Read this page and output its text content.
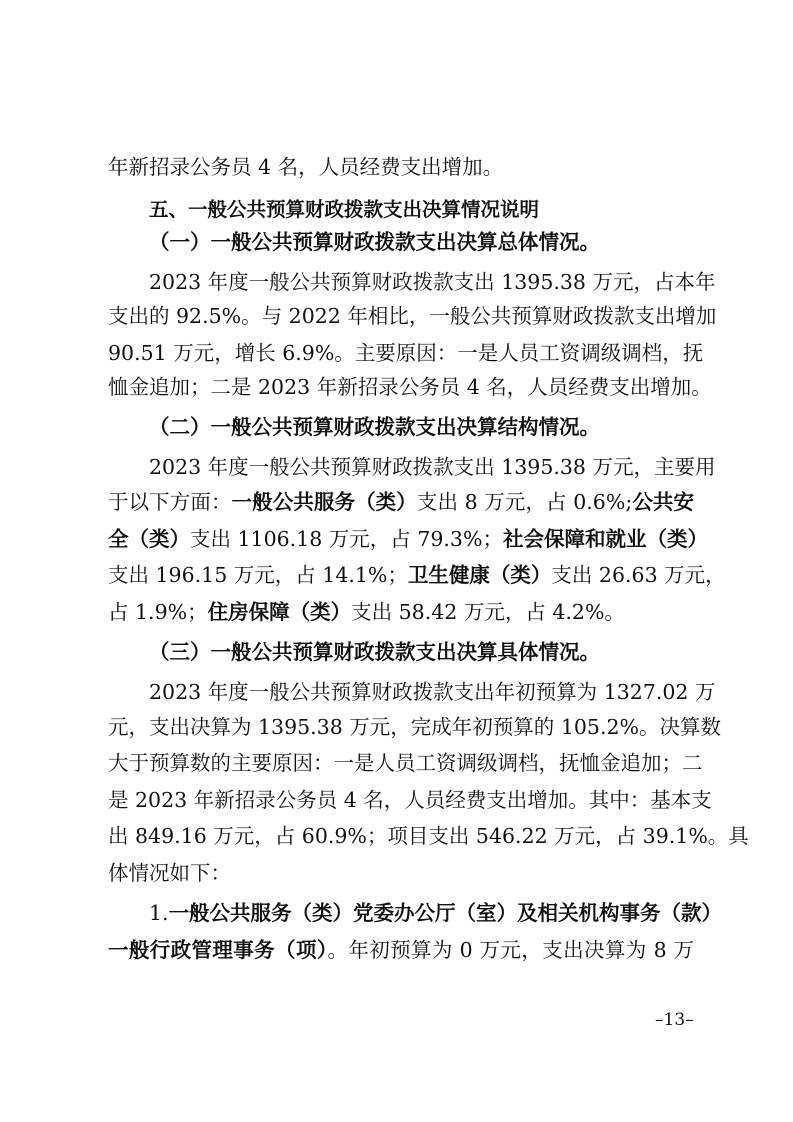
年新招录公务员 4 名，人员经费支出增加。
五、一般公共预算财政拨款支出决算情况说明
（一）一般公共预算财政拨款支出决算总体情况。
2023 年度一般公共预算财政拨款支出 1395.38 万元，占本年
支出的 92.5%。与 2022 年相比，一般公共预算财政拨款支出增加
90.51 万元，增长 6.9%。主要原因：一是人员工资调级调档，抚
恤金追加；二是 2023 年新招录公务员 4 名，人员经费支出增加。
（二）一般公共预算财政拨款支出决算结构情况。
2023 年度一般公共预算财政拨款支出 1395.38 万元，主要用
于以下方面：一般公共服务（类）支出 8 万元，占 0.6%;公共安
全（类）支出 1106.18 万元，占 79.3%；社会保障和就业（类）
支出 196.15 万元，占 14.1%；卫生健康（类）支出 26.63 万元，
占 1.9%；住房保障（类）支出 58.42 万元，占 4.2%。
（三）一般公共预算财政拨款支出决算具体情况。
2023 年度一般公共预算财政拨款支出年初预算为 1327.02 万
元，支出决算为 1395.38 万元，完成年初预算的 105.2%。决算数
大于预算数的主要原因：一是人员工资调级调档，抚恤金追加；二
是 2023 年新招录公务员 4 名，人员经费支出增加。其中：基本支
出 849.16 万元，占 60.9%；项目支出 546.22 万元，占 39.1%。具
体情况如下：
1.一般公共服务（类）党委办公厅（室）及相关机构事务（款）
一般行政管理事务（项）。年初预算为 0 万元，支出决算为 8 万
–13–
